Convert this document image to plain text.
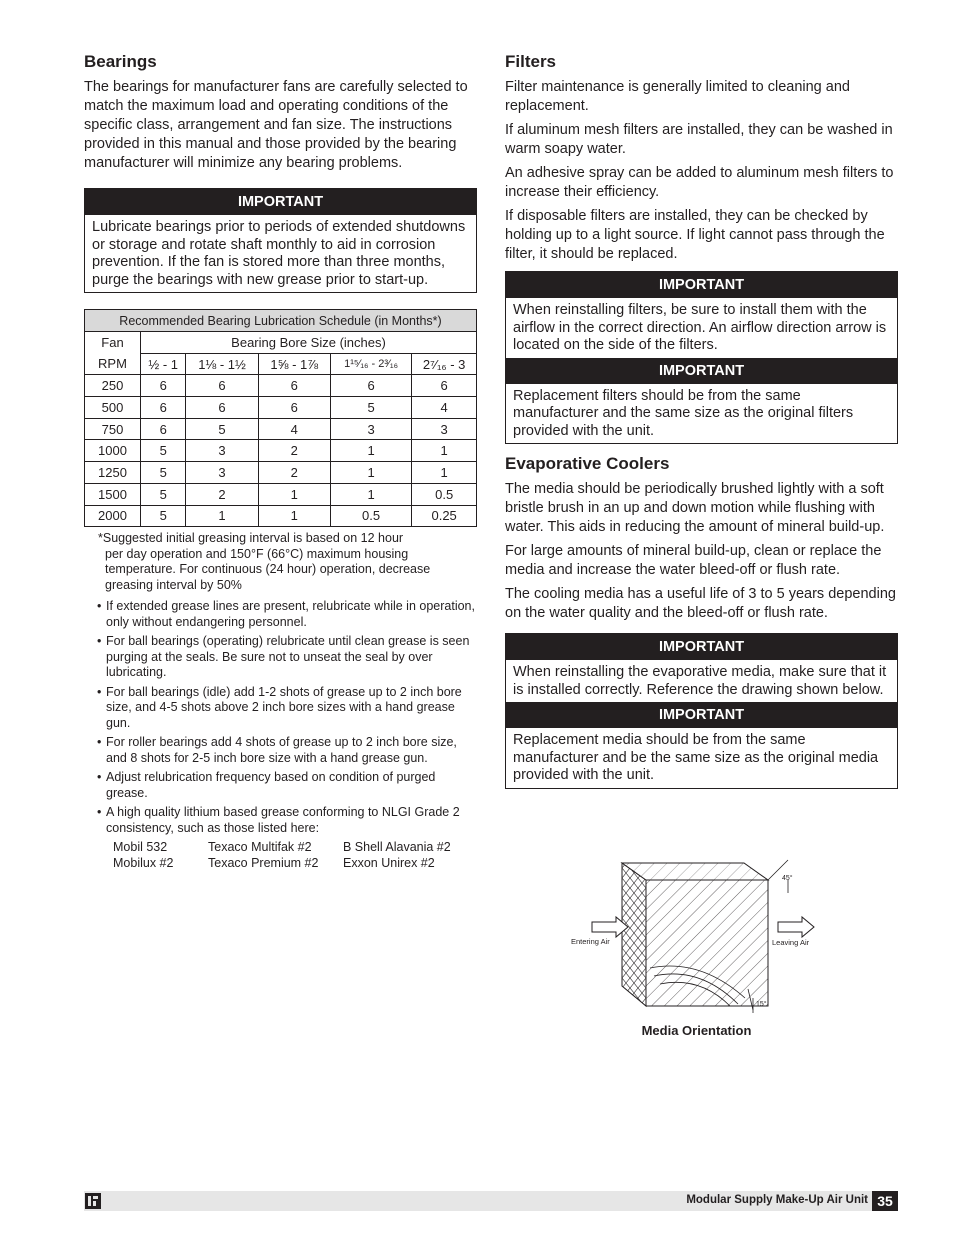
Bearings

The bearings for manufacturer fans are carefully selected to match the maximum load and operating conditions of the specific class, arrangement and fan size. The instructions provided in this manual and those provided by the bearing manufacturer will minimize any bearing problems.

IMPORTANT
Lubricate bearings prior to periods of extended shutdowns or storage and rotate shaft monthly to aid in corrosion prevention. If the fan is stored more than three months, purge the bearings with new grease prior to start-up.
Recommended Bearing Lubrication Schedule (in Months*)					
Fan	Bearing Bore Size (inches)				
RPM	½ - 1	1⅛ - 1½	1⅝ - 1⅞	1¹⁵⁄₁₆ - 2³⁄₁₆	2⁷⁄₁₆ - 3
250	6	6	6	6	6
500	6	6	6	5	4
750	6	5	4	3	3
1000	5	3	2	1	1
1250	5	3	2	1	1
1500	5	2	1	1	0.5
2000	5	1	1	0.5	0.25
*Suggested initial greasing interval is based on 12 hour
per day operation and 150°F (66°C) maximum housing temperature. For continuous (24 hour) operation, decrease greasing interval by 50%
• If extended grease lines are present, relubricate while in operation, only without endangering personnel.
• For ball bearings (operating) relubricate until clean grease is seen purging at the seals. Be sure not to unseat the seal by over lubricating.
• For ball bearings (idle) add 1-2 shots of grease up to 2 inch bore size, and 4-5 shots above 2 inch bore sizes with a hand grease gun.
• For roller bearings add 4 shots of grease up to 2 inch bore size, and 8 shots for 2-5 inch bore size with a hand grease gun.
• Adjust relubrication frequency based on condition of purged grease.
• A high quality lithium based grease conforming to NLGI Grade 2 consistency, such as those listed here:
Mobil 532	Texaco Multifak #2	B Shell Alavania #2
Mobilux #2	Texaco Premium #2	Exxon Unirex #2
Filters

Filter maintenance is generally limited to cleaning and replacement.

If aluminum mesh filters are installed, they can be washed in warm soapy water.

An adhesive spray can be added to aluminum mesh filters to increase their efficiency.

If disposable filters are installed, they can be checked by holding up to a light source. If light cannot pass through the filter, it should be replaced.

IMPORTANT
When reinstalling filters, be sure to install them with the airflow in the correct direction. An airflow direction arrow is located on the side of the filters.
IMPORTANT
Replacement filters should be from the same manufacturer and the same size as the original filters provided with the unit.
Evaporative Coolers

The media should be periodically brushed lightly with a soft bristle brush in an up and down motion while flushing with water. This aids in reducing the amount of mineral build-up.

For large amounts of mineral build-up, clean or replace the media and increase the water bleed-off or flush rate.

The cooling media has a useful life of 3 to 5 years depending on the water quality and the bleed-off or flush rate.

IMPORTANT
When reinstalling the evaporative media, make sure that it is installed correctly. Reference the drawing shown below.
IMPORTANT
Replacement media should be from the same manufacturer and be the same size as the original media provided with the unit.
Entering Air	Leaving Air
45°
15°
Media Orientation
Modular Supply Make-Up Air Unit 35
